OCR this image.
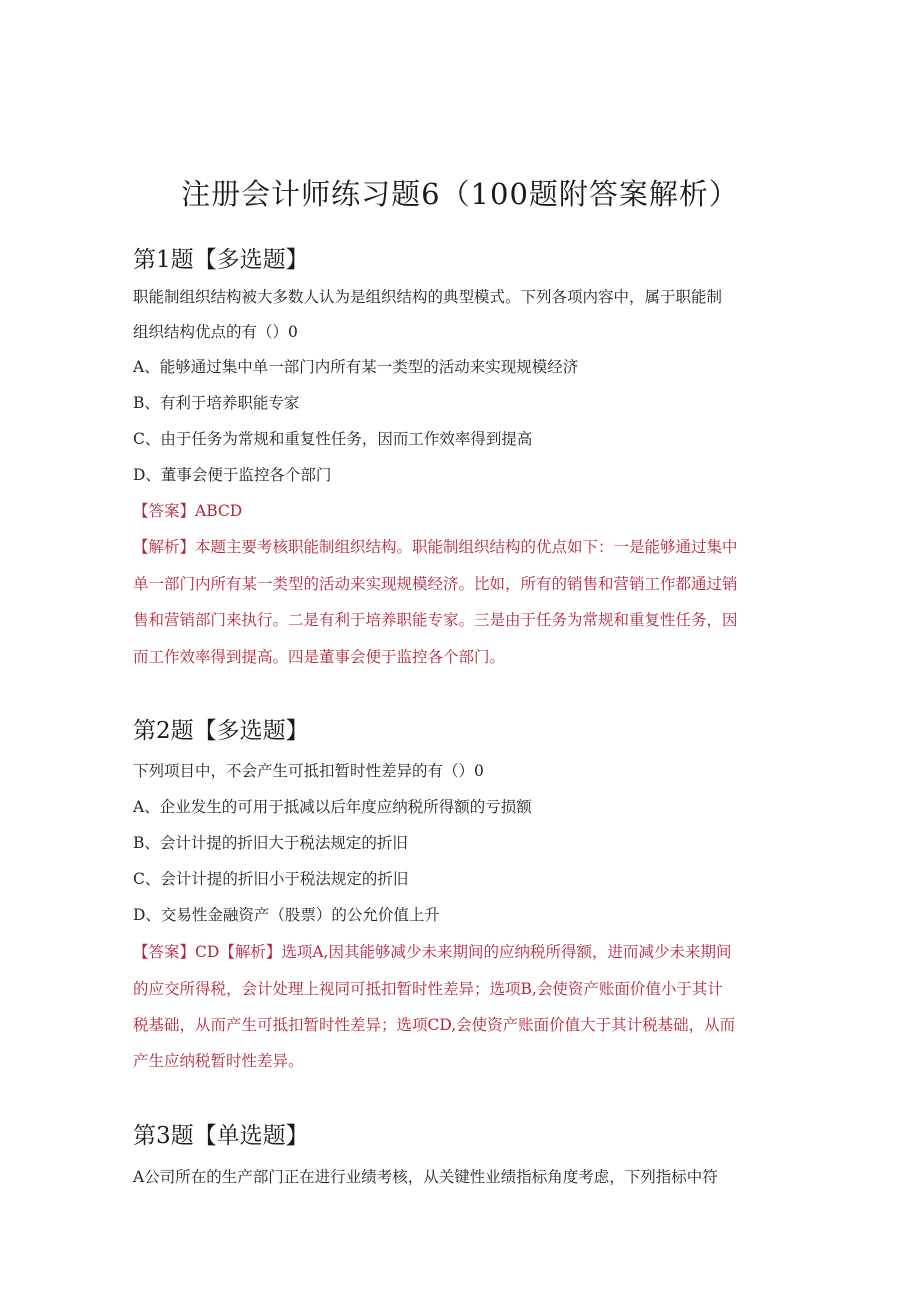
注册会计师练习题6（100题附答案解析）
第1题【多选题】
职能制组织结构被大多数人认为是组织结构的典型模式。下列各项内容中，属于职能制
组织结构优点的有（）0
A、能够通过集中单一部门内所有某一类型的活动来实现规模经济
B、有利于培养职能专家
C、由于任务为常规和重复性任务，因而工作效率得到提高
D、董事会便于监控各个部门
【答案】ABCD
【解析】本题主要考核职能制组织结构。职能制组织结构的优点如下：一是能够通过集中
单一部门内所有某一类型的活动来实现规模经济。比如，所有的销售和营销工作都通过销
售和营销部门来执行。二是有利于培养职能专家。三是由于任务为常规和重复性任务，因
而工作效率得到提高。四是董事会便于监控各个部门。
第2题【多选题】
下列项目中，不会产生可抵扣暂时性差异的有（）0
A、企业发生的可用于抵减以后年度应纳税所得额的亏损额
B、会计计提的折旧大于税法规定的折旧
C、会计计提的折旧小于税法规定的折旧
D、交易性金融资产（股票）的公允价值上升
【答案】CD【解析】选项A,因其能够减少未来期间的应纳税所得额，进而减少未来期间
的应交所得税，会计处理上视同可抵扣暂时性差异；选项B,会使资产账面价值小于其计
税基础，从而产生可抵扣暂时性差异；选项CD,会使资产账面价值大于其计税基础，从而
产生应纳税暂时性差异。
第3题【单选题】
A公司所在的生产部门正在进行业绩考核，从关键性业绩指标角度考虑，下列指标中符
